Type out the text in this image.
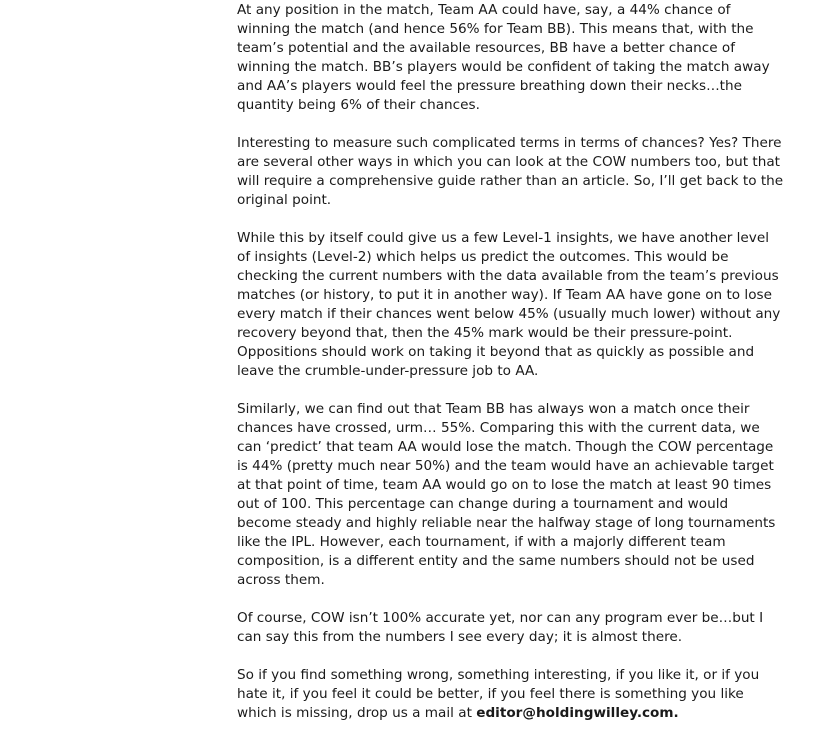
At any position in the match, Team AA could have, say, a 44% chance of winning the match (and hence 56% for Team BB). This means that, with the team’s potential and the available resources, BB have a better chance of winning the match. BB’s players would be confident of taking the match away and AA’s players would feel the pressure breathing down their necks…the quantity being 6% of their chances.

Interesting to measure such complicated terms in terms of chances? Yes? There are several other ways in which you can look at the COW numbers too, but that will require a comprehensive guide rather than an article. So, I’ll get back to the original point.

While this by itself could give us a few Level-1 insights, we have another level of insights (Level-2) which helps us predict the outcomes. This would be checking the current numbers with the data available from the team’s previous matches (or history, to put it in another way). If Team AA have gone on to lose every match if their chances went below 45% (usually much lower) without any recovery beyond that, then the 45% mark would be their pressure-point. Oppositions should work on taking it beyond that as quickly as possible and leave the crumble-under-pressure job to AA.

Similarly, we can find out that Team BB has always won a match once their chances have crossed, urm… 55%. Comparing this with the current data, we can ‘predict’ that team AA would lose the match. Though the COW percentage is 44% (pretty much near 50%) and the team would have an achievable target at that point of time, team AA would go on to lose the match at least 90 times out of 100. This percentage can change during a tournament and would become steady and highly reliable near the halfway stage of long tournaments like the IPL. However, each tournament, if with a majorly different team composition, is a different entity and the same numbers should not be used across them.

Of course, COW isn’t 100% accurate yet, nor can any program ever be…but I can say this from the numbers I see every day; it is almost there.

So if you find something wrong, something interesting, if you like it, or if you hate it, if you feel it could be better, if you feel there is something you like which is missing, drop us a mail at editor@holdingwilley.com.
